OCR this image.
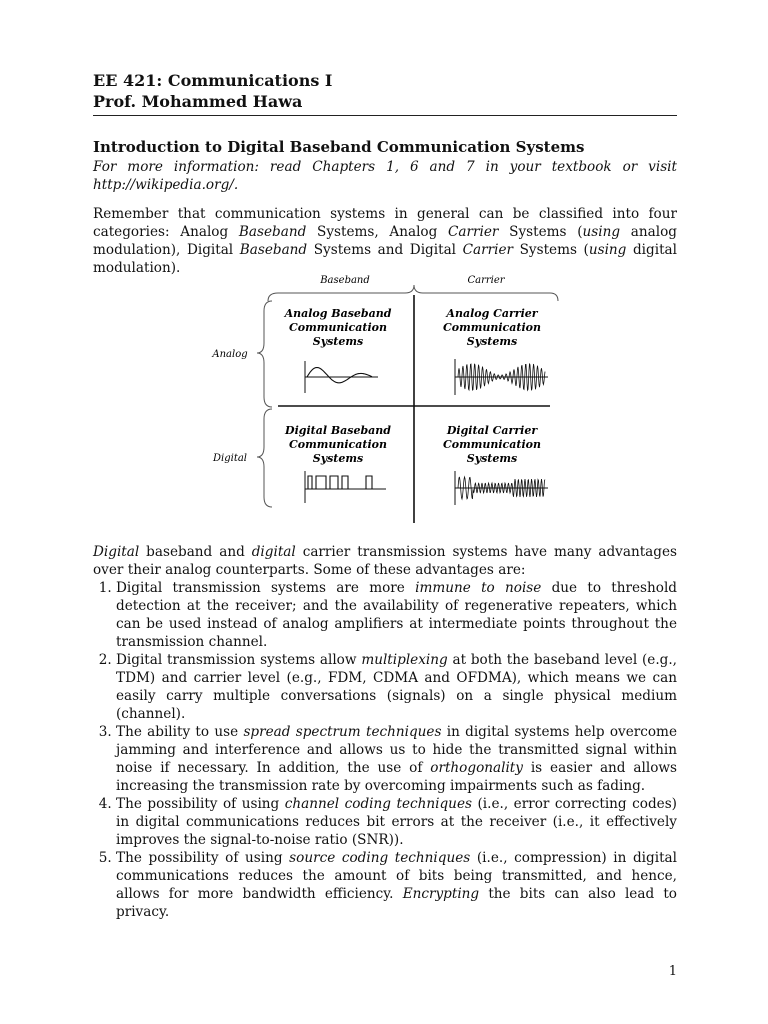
EE 421: Communications I

Prof. Mohammed Hawa

Introduction to Digital Baseband Communication Systems

For more information: read Chapters 1, 6 and 7 in your textbook or visit http://wikipedia.org/.

Remember that communication systems in general can be classified into four categories: Analog Baseband Systems, Analog Carrier Systems (using analog modulation), Digital Baseband Systems and Digital Carrier Systems (using digital modulation).

Baseband	Carrier
Analog
Digital
Analog Baseband
Communication
Systems
Analog Carrier
Communication
Systems
Digital Baseband
Communication
Systems
Digital Carrier
Communication
Systems

Digital baseband and digital carrier transmission systems have many advantages over their analog counterparts. Some of these advantages are:

1. Digital transmission systems are more immune to noise due to threshold detection at the receiver; and the availability of regenerative repeaters, which can be used instead of analog amplifiers at intermediate points throughout the transmission channel.
2. Digital transmission systems allow multiplexing at both the baseband level (e.g., TDM) and carrier level (e.g., FDM, CDMA and OFDMA), which means we can easily carry multiple conversations (signals) on a single physical medium (channel).
3. The ability to use spread spectrum techniques in digital systems help overcome jamming and interference and allows us to hide the transmitted signal within noise if necessary. In addition, the use of orthogonality is easier and allows increasing the transmission rate by overcoming impairments such as fading.
4. The possibility of using channel coding techniques (i.e., error correcting codes) in digital communications reduces bit errors at the receiver (i.e., it effectively improves the signal-to-noise ratio (SNR)).
5. The possibility of using source coding techniques (i.e., compression) in digital communications reduces the amount of bits being transmitted, and hence, allows for more bandwidth efficiency. Encrypting the bits can also lead to privacy.
1
